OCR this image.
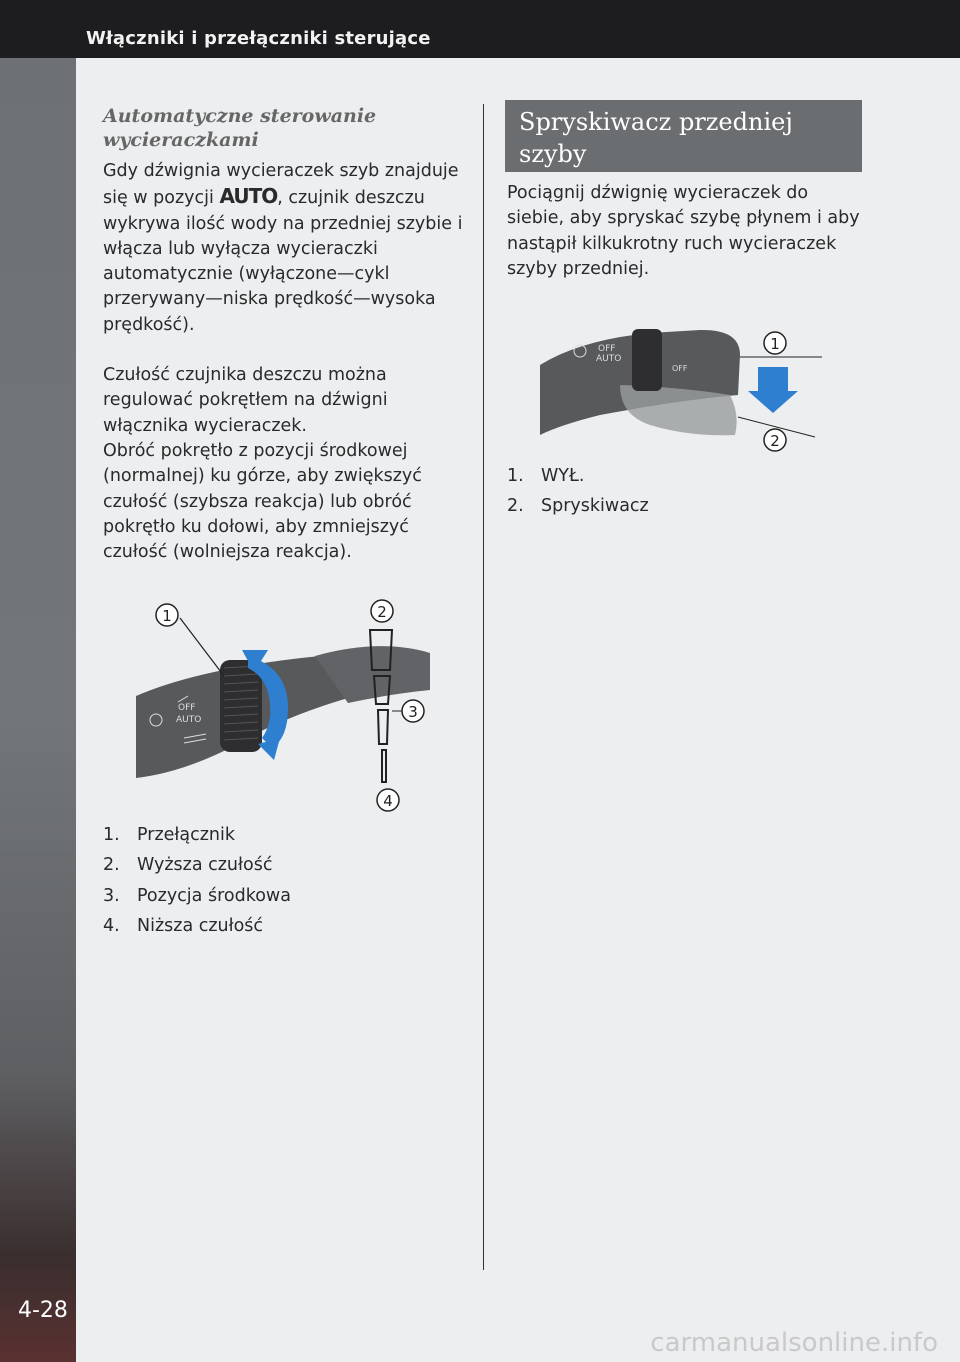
Włączniki i przełączniki sterujące
4-28
Automatyczne sterowanie wycieraczkami

Gdy dźwignia wycieraczek szyb znajduje się w pozycji AUTO, czujnik deszczu wykrywa ilość wody na przedniej szybie i włącza lub wyłącza wycieraczki automatycznie (wyłączone—cykl przerywany—niska prędkość—wysoka prędkość).

Czułość czujnika deszczu można regulować pokrętłem na dźwigni włącznika wycieraczek.

Obróć pokrętło z pozycji środkowej (normalnej) ku górze, aby zwiększyć czułość (szybsza reakcja) lub obróć pokrętło ku dołowi, aby zmniejszyć czułość (wolniejsza reakcja).

OFF
AUTO
1	2
3
4
1. Przełącznik
2. Wyższa czułość
3. Pozycja środkowa
4. Niższa czułość
Spryskiwacz przedniej szyby

Pociągnij dźwignię wycieraczek do siebie, aby spryskać szybę płynem i aby nastąpił kilkukrotny ruch wycieraczek szyby przedniej.

OFF
AUTO
OFF
1
2
1. WYŁ.
2. Spryskiwacz
carmanualsonline.info
